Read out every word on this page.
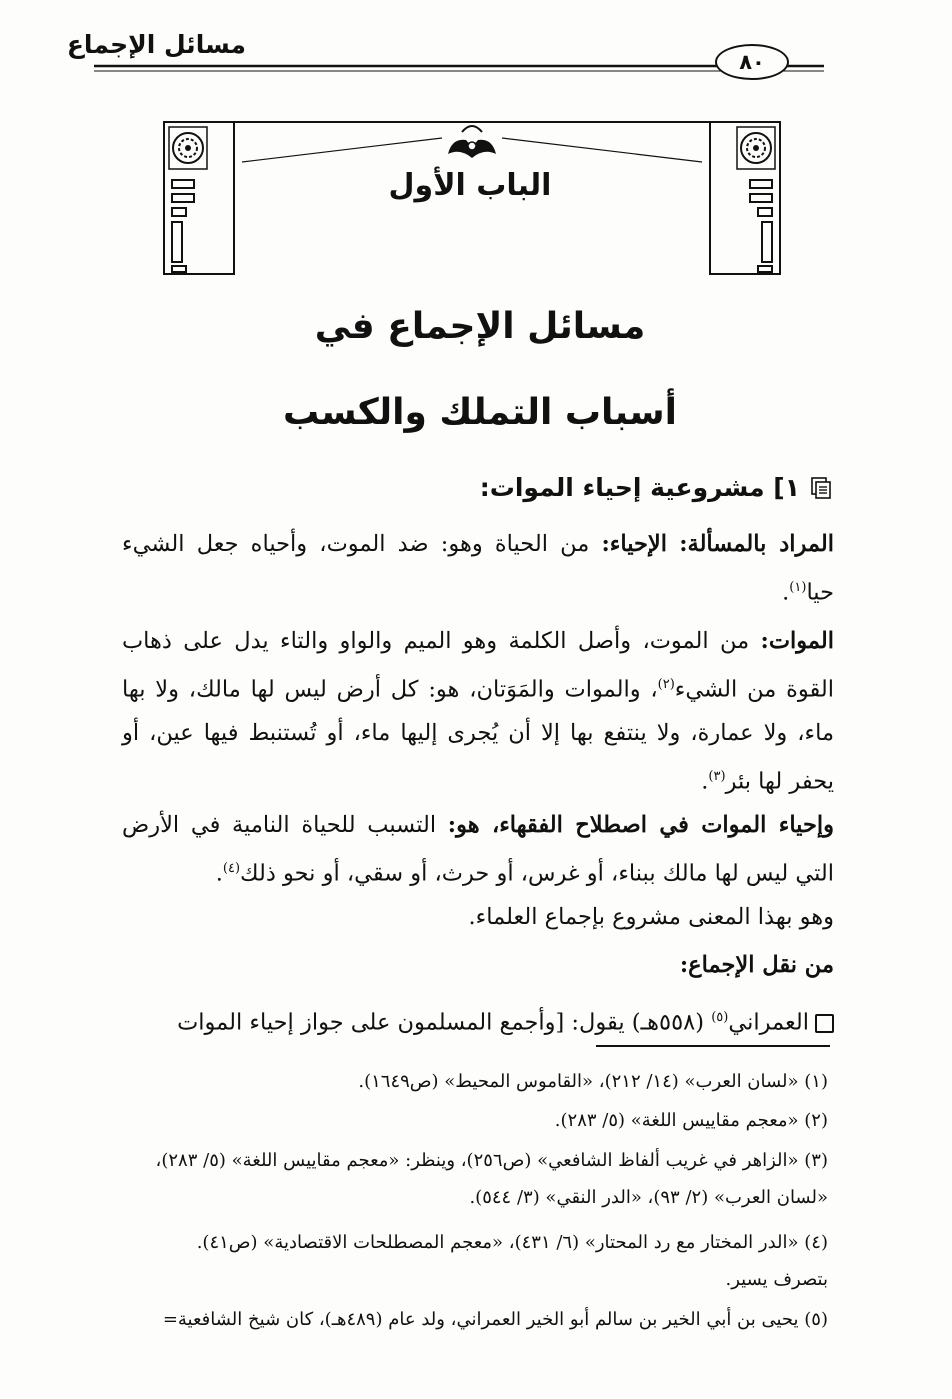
مسائل الإجماع
٨٠
الباب الأول
مسائل الإجماع في
أسباب التملك والكسب
١] مشروعية إحياء الموات:
المراد بالمسألة: الإحياء: من الحياة وهو: ضد الموت، وأحياه جعل الشيء حيا$^{(١)}$.
الموات: من الموت، وأصل الكلمة وهو الميم والواو والتاء يدل على ذهاب القوة من الشيء$^{(٢)}$، والموات والمَوَتان، هو: كل أرض ليس لها مالك، ولا بها ماء، ولا عمارة، ولا ينتفع بها إلا أن يُجرى إليها ماء، أو تُستنبط فيها عين، أو يحفر لها بئر$^{(٣)}$.
وإحياء الموات في اصطلاح الفقهاء، هو: التسبب للحياة النامية في الأرض التي ليس لها مالك ببناء، أو غرس، أو حرث، أو سقي، أو نحو ذلك$^{(٤)}$.
وهو بهذا المعنى مشروع بإجماع العلماء.
من نقل الإجماع:
العمراني$^{(٥)}$ (٥٥٨هـ) يقول: [وأجمع المسلمون على جواز إحياء الموات
(١) «لسان العرب» (١٤/ ٢١٢)، «القاموس المحيط» (ص١٦٤٩).
(٢) «معجم مقاييس اللغة» (٥/ ٢٨٣).
(٣) «الزاهر في غريب ألفاظ الشافعي» (ص٢٥٦)، وينظر: «معجم مقاييس اللغة» (٥/ ٢٨٣)،
«لسان العرب» (٢/ ٩٣)، «الدر النقي» (٣/ ٥٤٤).
(٤) «الدر المختار مع رد المحتار» (٦/ ٤٣١)، «معجم المصطلحات الاقتصادية» (ص٤١).
بتصرف يسير.
(٥) يحيى بن أبي الخير بن سالم أبو الخير العمراني، ولد عام (٤٨٩هـ)، كان شيخ الشافعية=
